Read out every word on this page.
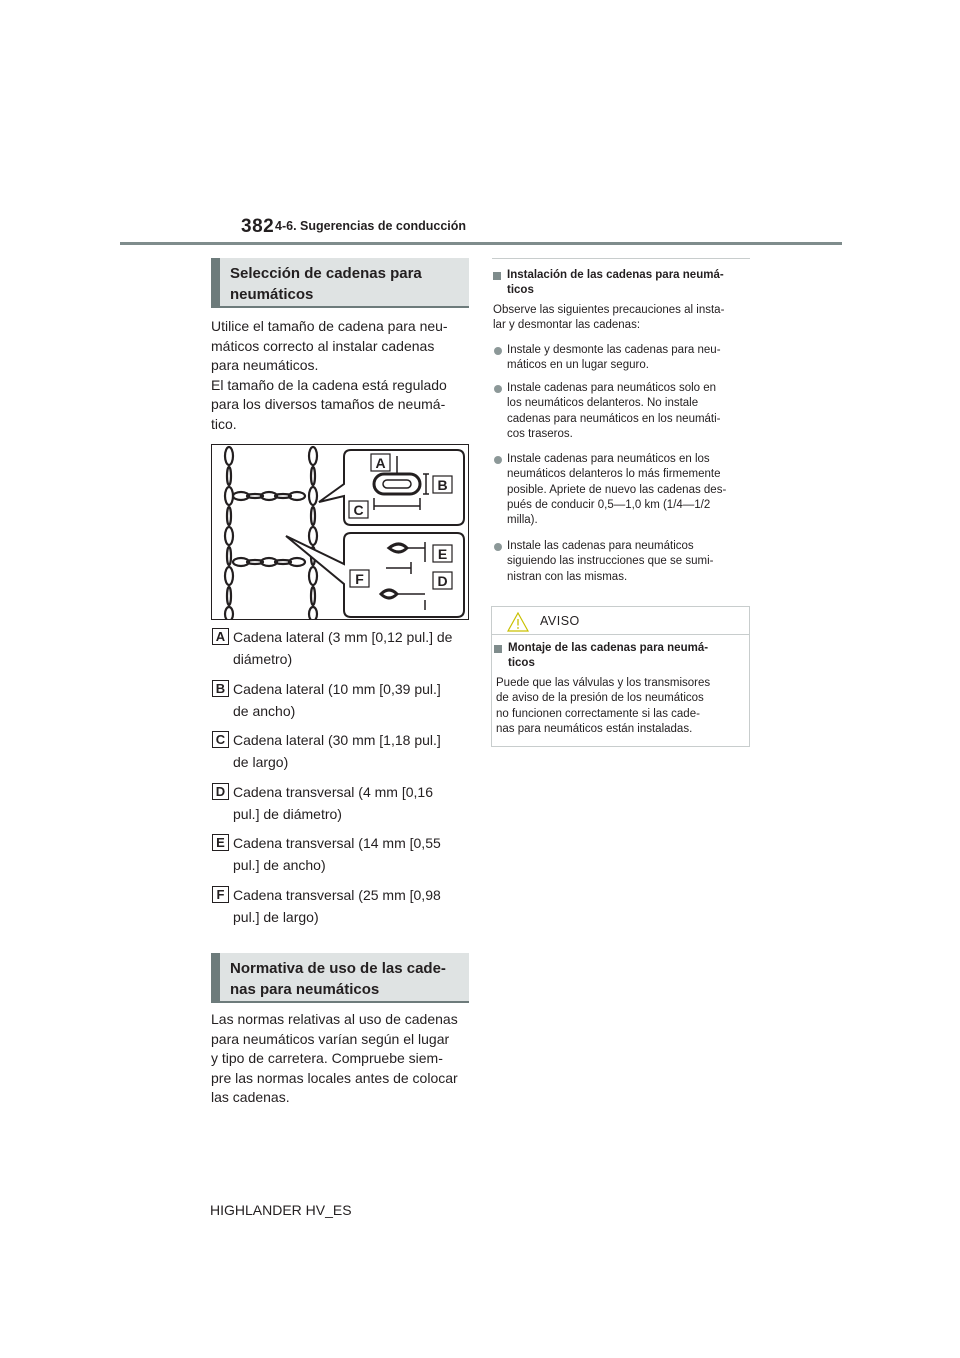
382 4-6. Sugerencias de conducción
Selección de cadenas para
neumáticos
Utilice el tamaño de cadena para neu-
máticos correcto al instalar cadenas
para neumáticos.
El tamaño de la cadena está regulado
para los diversos tamaños de neumá-
tico.
A
B
C
E
F	D
A Cadena lateral (3 mm [0,12 pul.] de
diámetro)
B Cadena lateral (10 mm [0,39 pul.]
de ancho)
C Cadena lateral (30 mm [1,18 pul.]
de largo)
D Cadena transversal (4 mm [0,16
pul.] de diámetro)
E Cadena transversal (14 mm [0,55
pul.] de ancho)
F Cadena transversal (25 mm [0,98
pul.] de largo)
Normativa de uso de las cade-
nas para neumáticos
Las normas relativas al uso de cadenas
para neumáticos varían según el lugar
y tipo de carretera. Compruebe siem-
pre las normas locales antes de colocar
las cadenas.
Instalación de las cadenas para neumá-
ticos
Observe las siguientes precauciones al insta-
lar y desmontar las cadenas:
Instale y desmonte las cadenas para neu-
máticos en un lugar seguro.
Instale cadenas para neumáticos solo en
los neumáticos delanteros. No instale
cadenas para neumáticos en los neumáti-
cos traseros.
Instale cadenas para neumáticos en los
neumáticos delanteros lo más firmemente
posible. Apriete de nuevo las cadenas des-
pués de conducir 0,5—1,0 km (1/4—1/2
milla).
Instale las cadenas para neumáticos
siguiendo las instrucciones que se sumi-
nistran con las mismas.
AVISO
Montaje de las cadenas para neumá-
ticos
Puede que las válvulas y los transmisores
de aviso de la presión de los neumáticos
no funcionen correctamente si las cade-
nas para neumáticos están instaladas.
HIGHLANDER HV_ES
